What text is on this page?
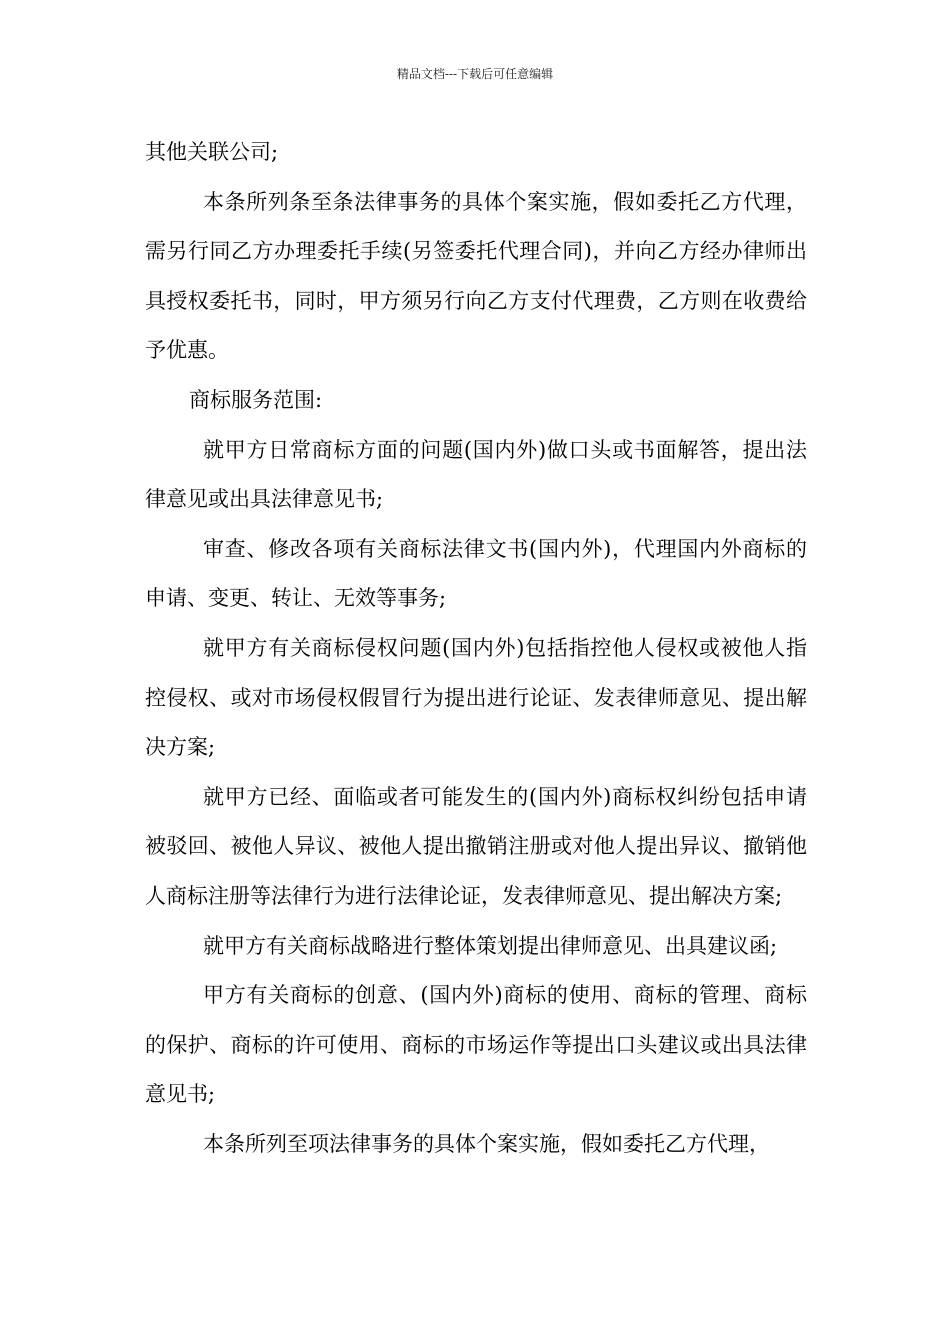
精品文档---下载后可任意编辑

其他关联公司;

本条所列条至条法律事务的具体个案实施，假如委托乙方代理，需另行同乙方办理委托手续(另签委托代理合同)，并向乙方经办律师出具授权委托书，同时，甲方须另行向乙方支付代理费，乙方则在收费给予优惠。

商标服务范围:

就甲方日常商标方面的问题(国内外)做口头或书面解答，提出法律意见或出具法律意见书;

审查、修改各项有关商标法律文书(国内外)，代理国内外商标的申请、变更、转让、无效等事务;

就甲方有关商标侵权问题(国内外)包括指控他人侵权或被他人指控侵权、或对市场侵权假冒行为提出进行论证、发表律师意见、提出解决方案;

就甲方已经、面临或者可能发生的(国内外)商标权纠纷包括申请被驳回、被他人异议、被他人提出撤销注册或对他人提出异议、撤销他人商标注册等法律行为进行法律论证，发表律师意见、提出解决方案;

就甲方有关商标战略进行整体策划提出律师意见、出具建议函;

甲方有关商标的创意、(国内外)商标的使用、商标的管理、商标的保护、商标的许可使用、商标的市场运作等提出口头建议或出具法律意见书;

本条所列至项法律事务的具体个案实施，假如委托乙方代理，
